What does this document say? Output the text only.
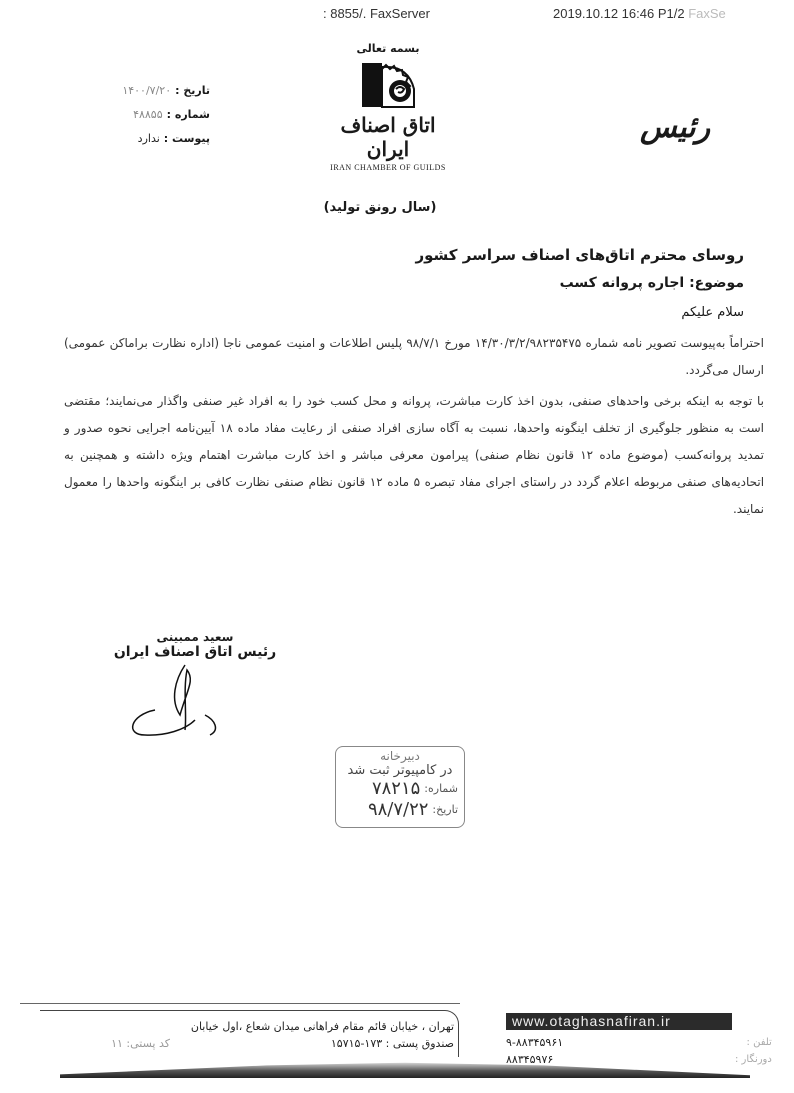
: 8855/. FaxServer	2019.10.12 16:46 P1/2 FaxSe
تاریخ :
۱۴۰۰/۷/۲۰
شماره :
۴۸۸۵۵
پیوست :
ندارد
بسمه تعالی
اتاق اصناف ایران
IRAN CHAMBER OF GUILDS
رئیس
(سال رونق تولید)
روسای محترم اتاق‌های اصناف سراسر کشور
موضوع: اجاره پروانه کسب
سلام علیکم
احتراماً به‌پیوست تصویر نامه شماره ۱۴/۳۰/۳/۲/۹۸۲۳۵۴۷۵ مورخ ۹۸/۷/۱ پلیس اطلاعات و امنیت عمومی ناجا (اداره نظارت براماکن عمومی) ارسال می‌گردد.
با توجه به اینکه برخی واحدهای صنفی، بدون اخذ کارت مباشرت، پروانه و محل کسب خود را به افراد غیر صنفی واگذار می‌نمایند؛ مقتضی است به منظور جلوگیری از تخلف اینگونه واحدها، نسبت به آگاه سازی افراد صنفی از رعایت مفاد ماده ۱۸ آیین‌نامه اجرایی نحوه صدور و تمدید پروانه‌کسب (موضوع ماده ۱۲ قانون نظام صنفی) پیرامون معرفی مباشر و اخذ کارت مباشرت اهتمام ویژه داشته و همچنین به اتحادیه‌های صنفی مربوطه اعلام گردد در راستای اجرای مفاد تبصره ۵ ماده ۱۲ قانون نظام صنفی نظارت کافی بر اینگونه واحدها را معمول نمایند.
سعید ممبینی
رئیس اتاق اصناف ایران
دبیرخانه
در کامپیوتر ثبت شد
شماره:
۷۸۲۱۵
تاریخ:
۹۸/۷/۲۲

کد پستی: ۱۱
تهران ، خیابان قائم مقام فراهانی میدان شعاع ،اول خیابان
صندوق پستی : ۱۷۳-۱۵۷۱۵
www.otaghasnafiran.ir
۹-۸۸۳۴۵۹۶۱
۸۸۳۴۵۹۷۶
تلفن :
دورنگار :
